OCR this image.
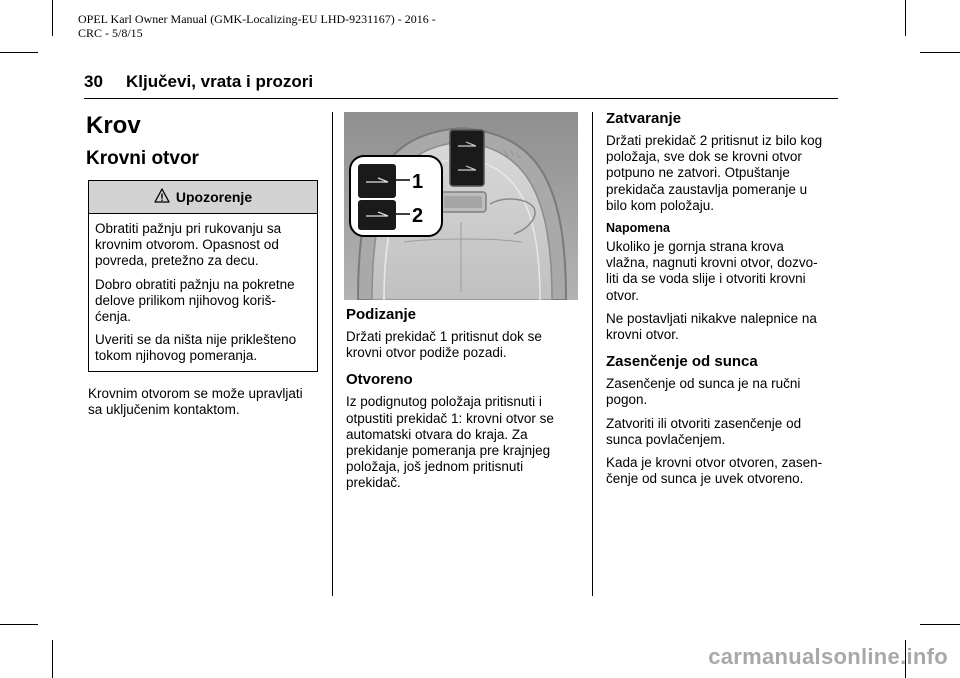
OPEL Karl Owner Manual (GMK-Localizing-EU LHD-9231167) - 2016 -
CRC - 5/8/15
30 Ključevi, vrata i prozori
Krov
Krovni otvor
Upozorenje

Obratiti pažnju pri rukovanju sa
krovnim otvorom. Opasnost od
povreda, pretežno za decu.

Dobro obratiti pažnju na pokretne
delove prilikom njihovog koriš-
ćenja.

Uveriti se da ništa nije priklešteno
tokom njihovog pomeranja.

Krovnim otvorom se može upravljati
sa uključenim kontaktom.

1
2
Podizanje

Držati prekidač 1 pritisnut dok se
krovni otvor podiže pozadi.

Otvoreno

Iz podignutog položaja pritisnuti i
otpustiti prekidač 1: krovni otvor se
automatski otvara do kraja. Za
prekidanje pomeranja pre krajnjeg
položaja, još jednom pritisnuti
prekidač.

Zatvaranje

Držati prekidač 2 pritisnut iz bilo kog
položaja, sve dok se krovni otvor
potpuno ne zatvori. Otpuštanje
prekidača zaustavlja pomeranje u
bilo kom položaju.

Napomena

Ukoliko je gornja strana krova
vlažna, nagnuti krovni otvor, dozvo-
liti da se voda slije i otvoriti krovni
otvor.

Ne postavljati nikakve nalepnice na
krovni otvor.

Zasenčenje od sunca

Zasenčenje od sunca je na ručni
pogon.

Zatvoriti ili otvoriti zasenčenje od
sunca povlačenjem.

Kada je krovni otvor otvoren, zasen-
čenje od sunca je uvek otvoreno.

carmanualsonline.info
